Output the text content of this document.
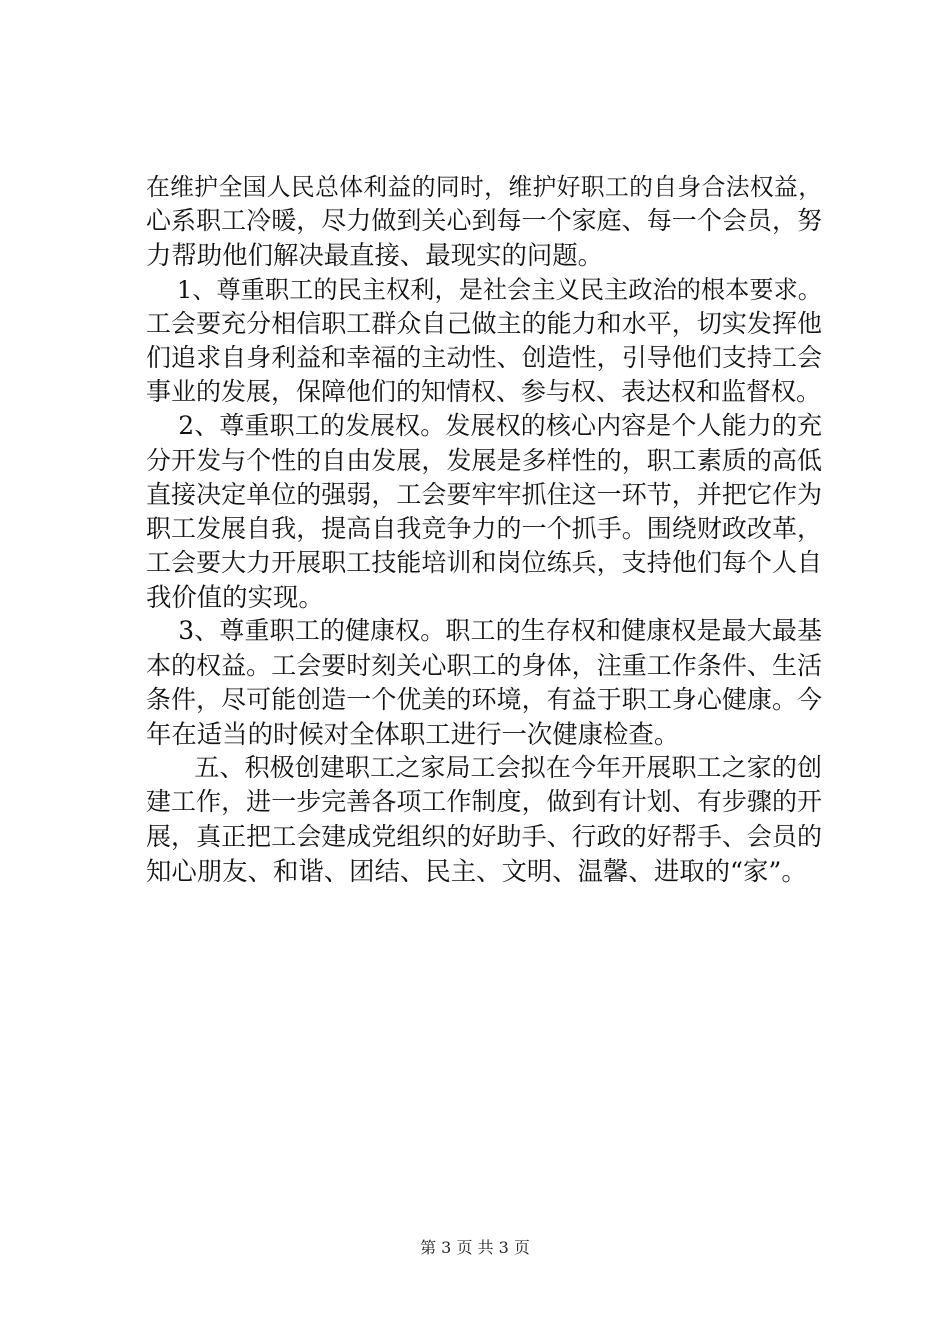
在维护全国人民总体利益的同时，维护好职工的自身合法权益，
心系职工冷暖，尽力做到关心到每一个家庭、每一个会员，努
力帮助他们解决最直接、最现实的问题。
1、尊重职工的民主权利，是社会主义民主政治的根本要求。
工会要充分相信职工群众自己做主的能力和水平，切实发挥他
们追求自身利益和幸福的主动性、创造性，引导他们支持工会
事业的发展，保障他们的知情权、参与权、表达权和监督权。
2、尊重职工的发展权。发展权的核心内容是个人能力的充
分开发与个性的自由发展，发展是多样性的，职工素质的高低
直接决定单位的强弱，工会要牢牢抓住这一环节，并把它作为
职工发展自我，提高自我竞争力的一个抓手。围绕财政改革，
工会要大力开展职工技能培训和岗位练兵，支持他们每个人自
我价值的实现。
3、尊重职工的健康权。职工的生存权和健康权是最大最基
本的权益。工会要时刻关心职工的身体，注重工作条件、生活
条件，尽可能创造一个优美的环境，有益于职工身心健康。今
年在适当的时候对全体职工进行一次健康检查。
五、积极创建职工之家局工会拟在今年开展职工之家的创
建工作，进一步完善各项工作制度，做到有计划、有步骤的开
展，真正把工会建成党组织的好助手、行政的好帮手、会员的
知心朋友、和谐、团结、民主、文明、温馨、进取的“家”。
第 3 页 共 3 页
